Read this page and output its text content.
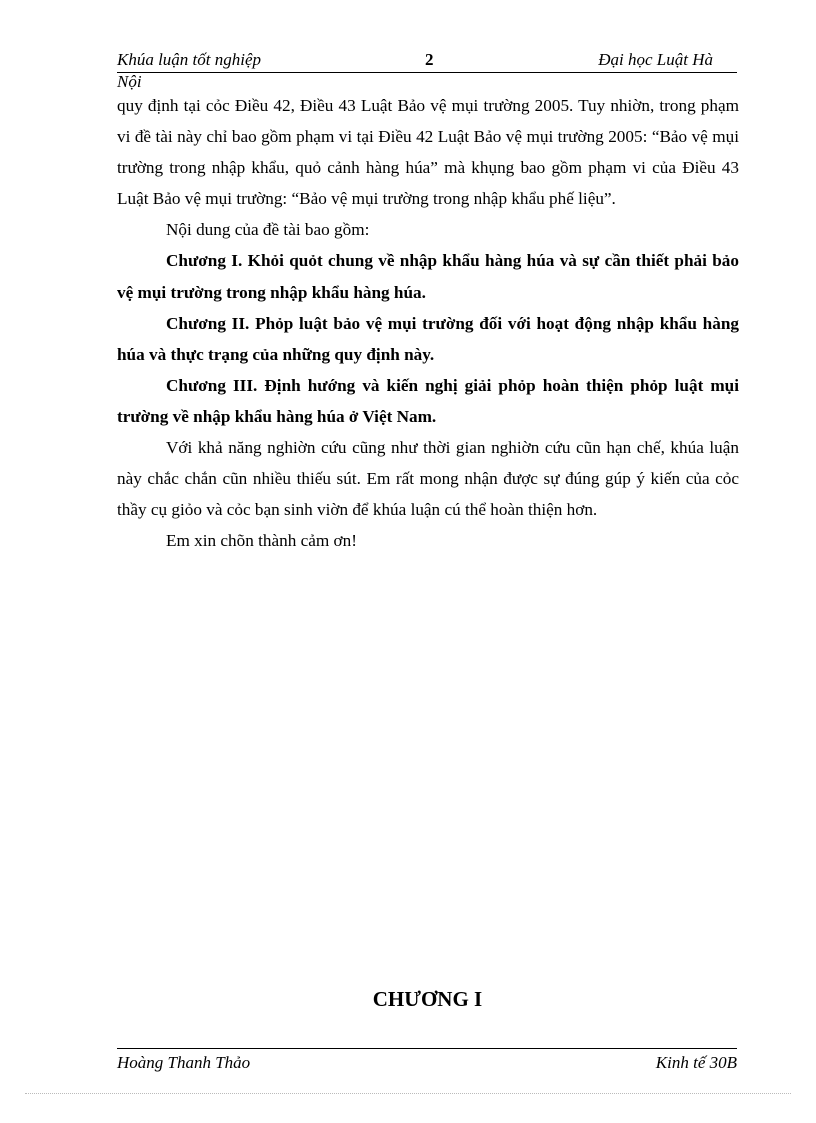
Khúa luận tốt nghiệp	2	Đại học Luật Hà
Nội

quy định tại cỏc Điều 42, Điều 43 Luật Bảo vệ mụi trường 2005. Tuy nhiờn, trong phạm vi đề tài này chỉ bao gồm phạm vi tại Điều 42 Luật Bảo vệ mụi trường 2005: “Bảo vệ mụi trường trong nhập khẩu, quỏ cảnh hàng húa” mà khụng bao gồm phạm vi của Điều 43 Luật Bảo vệ mụi trường: “Bảo vệ mụi trường trong nhập khẩu phế liệu”.

Nội dung của đề tài bao gồm:

Chương I. Khỏi quỏt chung về nhập khẩu hàng húa và sự cần thiết phải bảo vệ mụi trường trong nhập khẩu hàng húa.

Chương II. Phỏp luật bảo vệ mụi trường đối với hoạt động nhập khẩu hàng húa và thực trạng của những quy định này.

Chương III. Định hướng và kiến nghị giải phỏp hoàn thiện phỏp luật mụi trường về nhập khẩu hàng húa ở Việt Nam.

Với khả năng nghiờn cứu cũng như thời gian nghiờn cứu cũn hạn chế, khúa luận này chắc chắn cũn nhiều thiếu sút. Em rất mong nhận được sự đúng gúp ý kiến của cỏc thầy cụ giỏo và cỏc bạn sinh viờn để khúa luận cú thể hoàn thiện hơn.

Em xin chõn thành cảm ơn!

CHƯƠNG I
Hoàng Thanh Thảo	Kinh tế 30B
